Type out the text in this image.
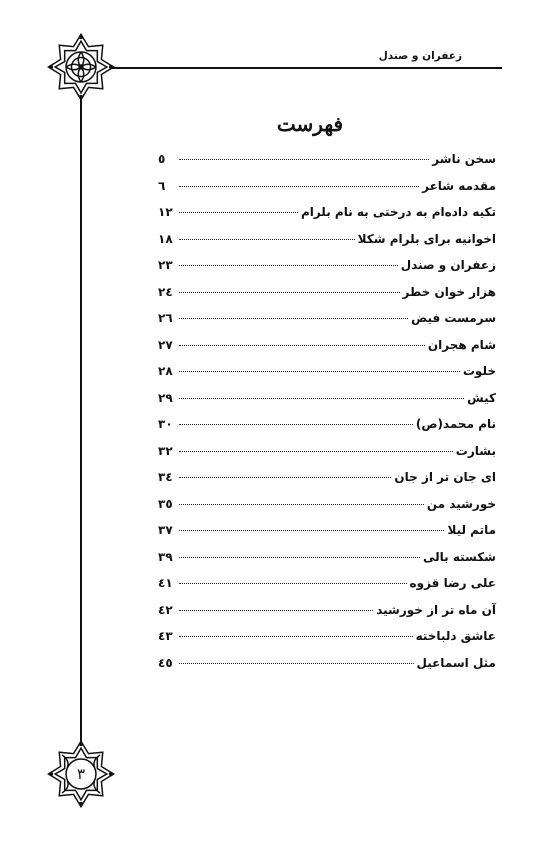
زعفران و صندل
٣
فهرست
سخن ناشر
٥
مقدمه شاعر
٦
تکیه داده‌ام به درختی به نام بلرام
١٢
اخوانیه برای بلرام شکلا
١٨
زعفران و صندل
٢٣
هزار خوان خطر
٢٤
سرمست فیض
٢٦
شام هجران
٢٧
خلوت
٢٨
کیش
٢٩
نام محمد(ص)
٣٠
بشارت
٣٢
ای جان تر از جان
٣٤
خورشید من
٣٥
ماتم لیلا
٣٧
شکسته بالی
٣٩
علی رضا قزوه
٤١
آن ماه تر از خورشید
٤٢
عاشق دلباخته
٤٣
مثل اسماعیل
٤٥
